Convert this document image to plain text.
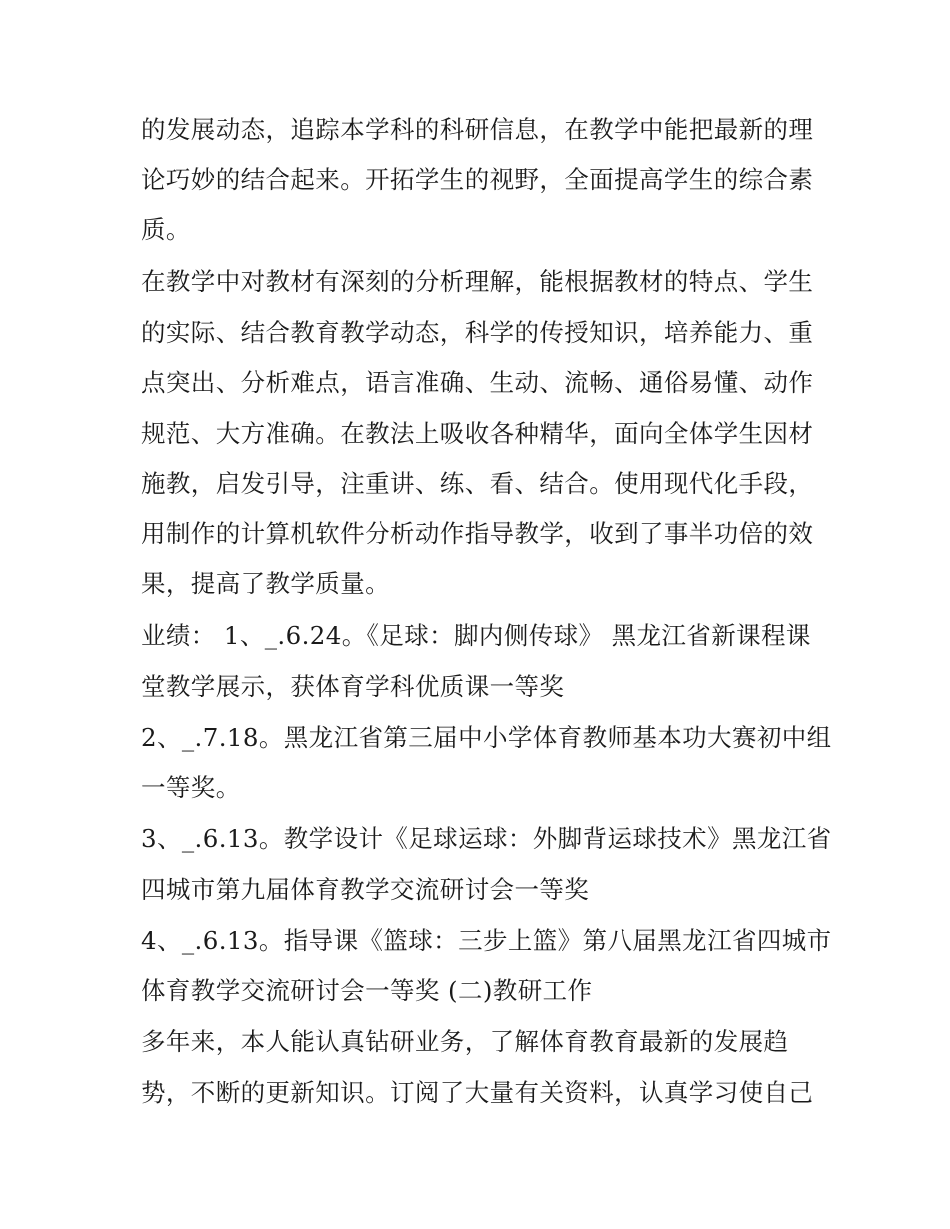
的发展动态，追踪本学科的科研信息，在教学中能把最新的理
论巧妙的结合起来。开拓学生的视野，全面提高学生的综合素
质。
在教学中对教材有深刻的分析理解，能根据教材的特点、学生
的实际、结合教育教学动态，科学的传授知识，培养能力、重
点突出、分析难点，语言准确、生动、流畅、通俗易懂、动作
规范、大方准确。在教法上吸收各种精华，面向全体学生因材
施教，启发引导，注重讲、练、看、结合。使用现代化手段，
用制作的计算机软件分析动作指导教学，收到了事半功倍的效
果，提高了教学质量。
业绩： 1、_.6.24。《足球：脚内侧传球》 黑龙江省新课程课
堂教学展示，获体育学科优质课一等奖
2、_.7.18。黑龙江省第三届中小学体育教师基本功大赛初中组
一等奖。
3、_.6.13。教学设计《足球运球：外脚背运球技术》黑龙江省
四城市第九届体育教学交流研讨会一等奖
4、_.6.13。指导课《篮球：三步上篮》第八届黑龙江省四城市
体育教学交流研讨会一等奖 (二)教研工作
多年来，本人能认真钻研业务，了解体育教育最新的发展趋
势，不断的更新知识。订阅了大量有关资料，认真学习使自己
